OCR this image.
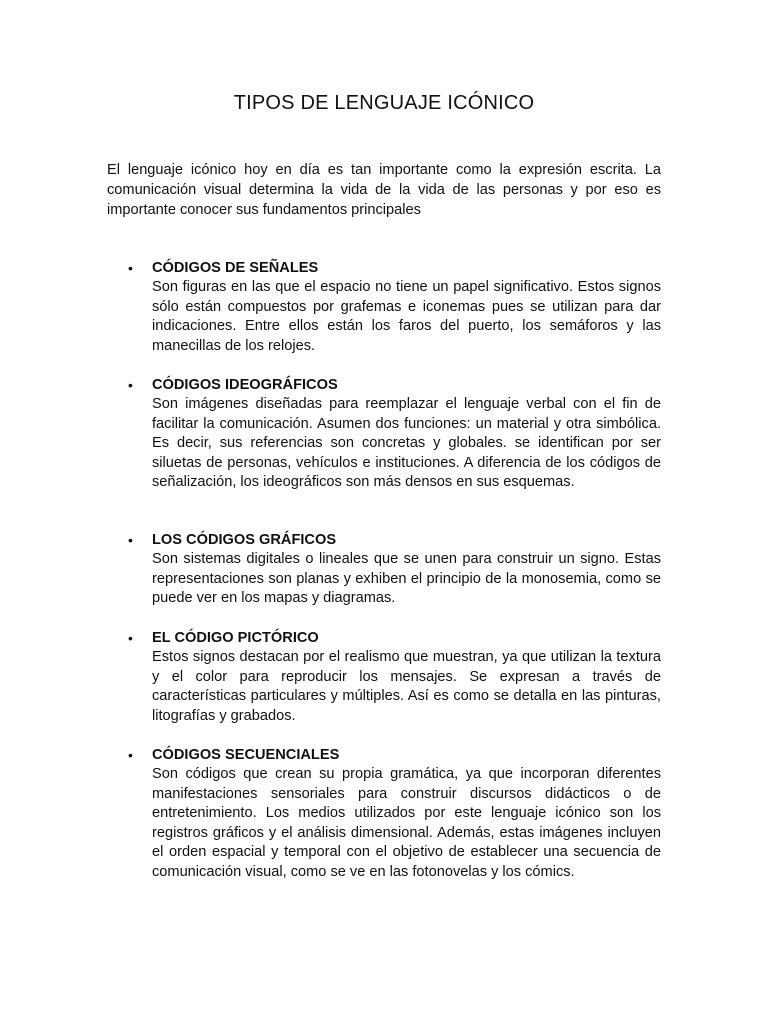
TIPOS DE LENGUAJE ICÓNICO

El lenguaje icónico hoy en día es tan importante como la expresión escrita. La comunicación visual determina la vida de la vida de las personas y por eso es importante conocer sus fundamentos principales

• CÓDIGOS DE SEÑALES
Son figuras en las que el espacio no tiene un papel significativo. Estos signos sólo están compuestos por grafemas e iconemas pues se utilizan para dar indicaciones. Entre ellos están los faros del puerto, los semáforos y las manecillas de los relojes.
• CÓDIGOS IDEOGRÁFICOS
Son imágenes diseñadas para reemplazar el lenguaje verbal con el fin de facilitar la comunicación. Asumen dos funciones: un material y otra simbólica. Es decir, sus referencias son concretas y globales. se identifican por ser siluetas de personas, vehículos e instituciones. A diferencia de los códigos de señalización, los ideográficos son más densos en sus esquemas.
• LOS CÓDIGOS GRÁFICOS
Son sistemas digitales o lineales que se unen para construir un signo. Estas representaciones son planas y exhiben el principio de la monosemia, como se puede ver en los mapas y diagramas.
• EL CÓDIGO PICTÓRICO
Estos signos destacan por el realismo que muestran, ya que utilizan la textura y el color para reproducir los mensajes. Se expresan a través de características particulares y múltiples. Así es como se detalla en las pinturas, litografías y grabados.
• CÓDIGOS SECUENCIALES
Son códigos que crean su propia gramática, ya que incorporan diferentes manifestaciones sensoriales para construir discursos didácticos o de entretenimiento. Los medios utilizados por este lenguaje icónico son los registros gráficos y el análisis dimensional. Además, estas imágenes incluyen el orden espacial y temporal con el objetivo de establecer una secuencia de comunicación visual, como se ve en las fotonovelas y los cómics.
